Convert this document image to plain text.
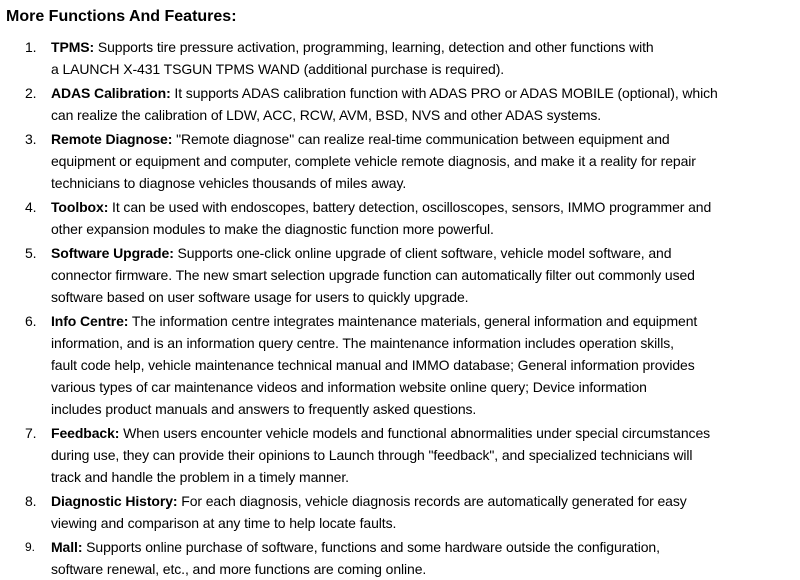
More Functions And Features:
1.	TPMS: Supports tire pressure activation, programming, learning, detection and other functions with
a LAUNCH X-431 TSGUN TPMS WAND (additional purchase is required).
2.	ADAS Calibration: It supports ADAS calibration function with ADAS PRO or ADAS MOBILE (optional), which
can realize the calibration of LDW, ACC, RCW, AVM, BSD, NVS and other ADAS systems.
3.	Remote Diagnose: "Remote diagnose" can realize real-time communication between equipment and
equipment or equipment and computer, complete vehicle remote diagnosis, and make it a reality for repair
technicians to diagnose vehicles thousands of miles away.
4.	Toolbox: It can be used with endoscopes, battery detection, oscilloscopes, sensors, IMMO programmer and
other expansion modules to make the diagnostic function more powerful.
5.	Software Upgrade: Supports one-click online upgrade of client software, vehicle model software, and
connector firmware. The new smart selection upgrade function can automatically filter out commonly used
software based on user software usage for users to quickly upgrade.
6.	Info Centre: The information centre integrates maintenance materials, general information and equipment
information, and is an information query centre. The maintenance information includes operation skills,
fault code help, vehicle maintenance technical manual and IMMO database; General information provides
various types of car maintenance videos and information website online query; Device information
includes product manuals and answers to frequently asked questions.
7.	Feedback: When users encounter vehicle models and functional abnormalities under special circumstances
during use, they can provide their opinions to Launch through "feedback", and specialized technicians will
track and handle the problem in a timely manner.
8.	Diagnostic History: For each diagnosis, vehicle diagnosis records are automatically generated for easy
viewing and comparison at any time to help locate faults.
9.	Mall: Supports online purchase of software, functions and some hardware outside the configuration,
software renewal, etc., and more functions are coming online.
